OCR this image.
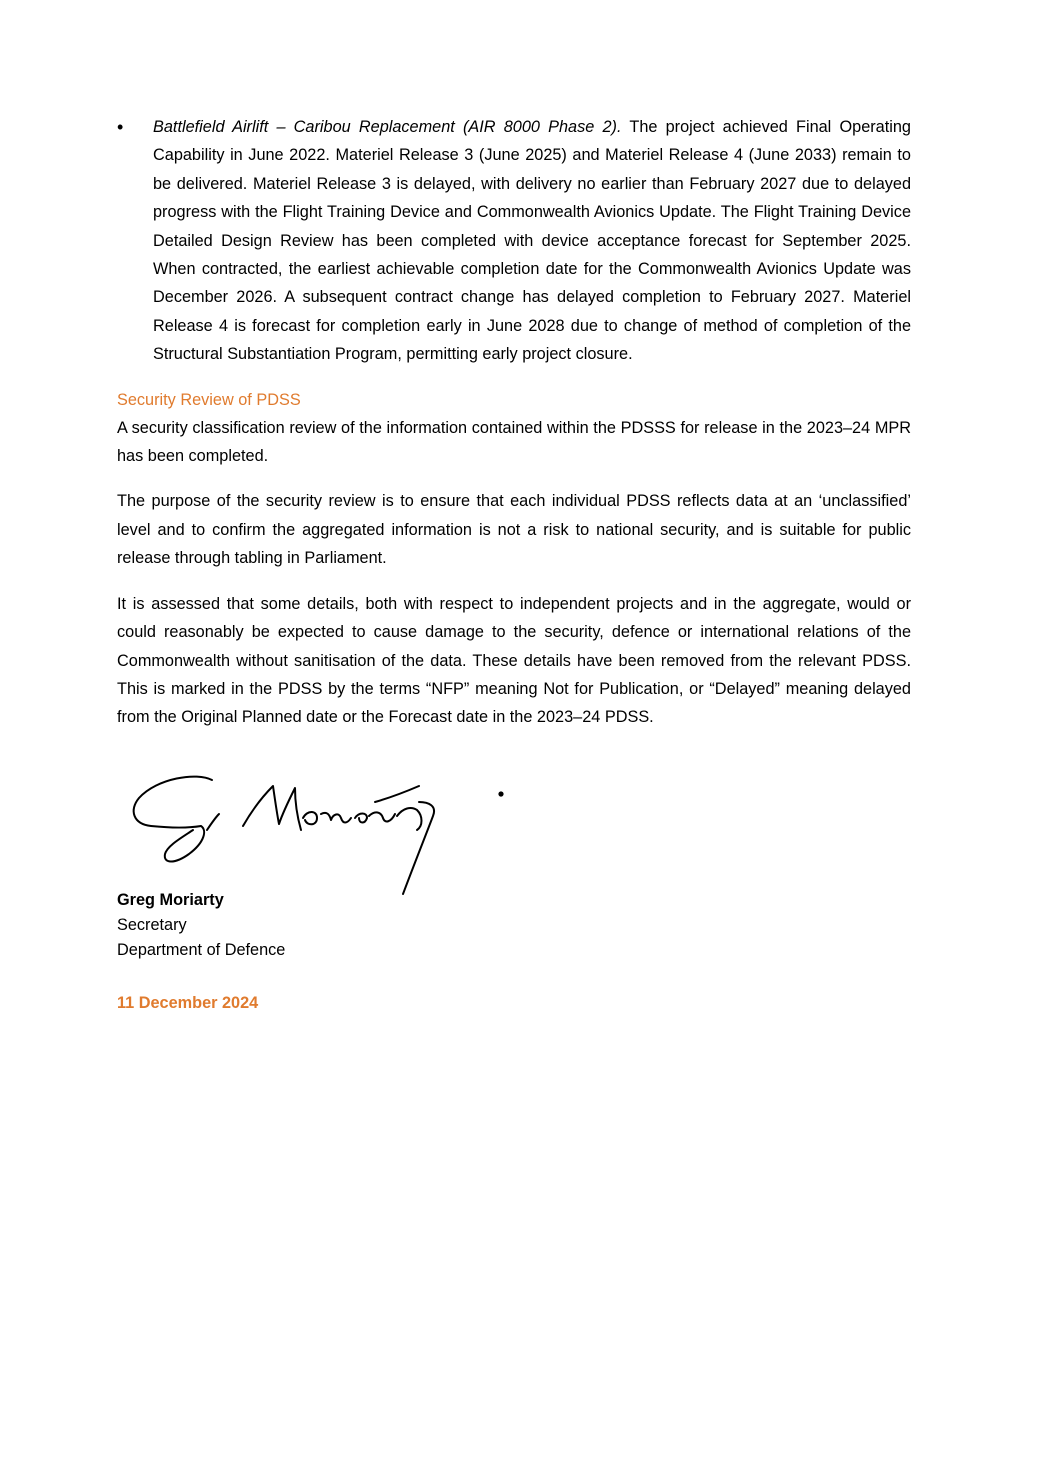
• Battlefield Airlift – Caribou Replacement (AIR 8000 Phase 2). The project achieved Final Operating Capability in June 2022. Materiel Release 3 (June 2025) and Materiel Release 4 (June 2033) remain to be delivered. Materiel Release 3 is delayed, with delivery no earlier than February 2027 due to delayed progress with the Flight Training Device and Commonwealth Avionics Update. The Flight Training Device Detailed Design Review has been completed with device acceptance forecast for September 2025. When contracted, the earliest achievable completion date for the Commonwealth Avionics Update was December 2026. A subsequent contract change has delayed completion to February 2027. Materiel Release 4 is forecast for completion early in June 2028 due to change of method of completion of the Structural Substantiation Program, permitting early project closure.
Security Review of PDSS

A security classification review of the information contained within the PDSSS for release in the 2023–24 MPR has been completed.

The purpose of the security review is to ensure that each individual PDSS reflects data at an ‘unclassified’ level and to confirm the aggregated information is not a risk to national security, and is suitable for public release through tabling in Parliament.

It is assessed that some details, both with respect to independent projects and in the aggregate, would or could reasonably be expected to cause damage to the security, defence or international relations of the Commonwealth without sanitisation of the data. These details have been removed from the relevant PDSS. This is marked in the PDSS by the terms “NFP” meaning Not for Publication, or “Delayed” meaning delayed from the Original Planned date or the Forecast date in the 2023–24 PDSS.

Greg Moriarty
Secretary
Department of Defence
11 December 2024
